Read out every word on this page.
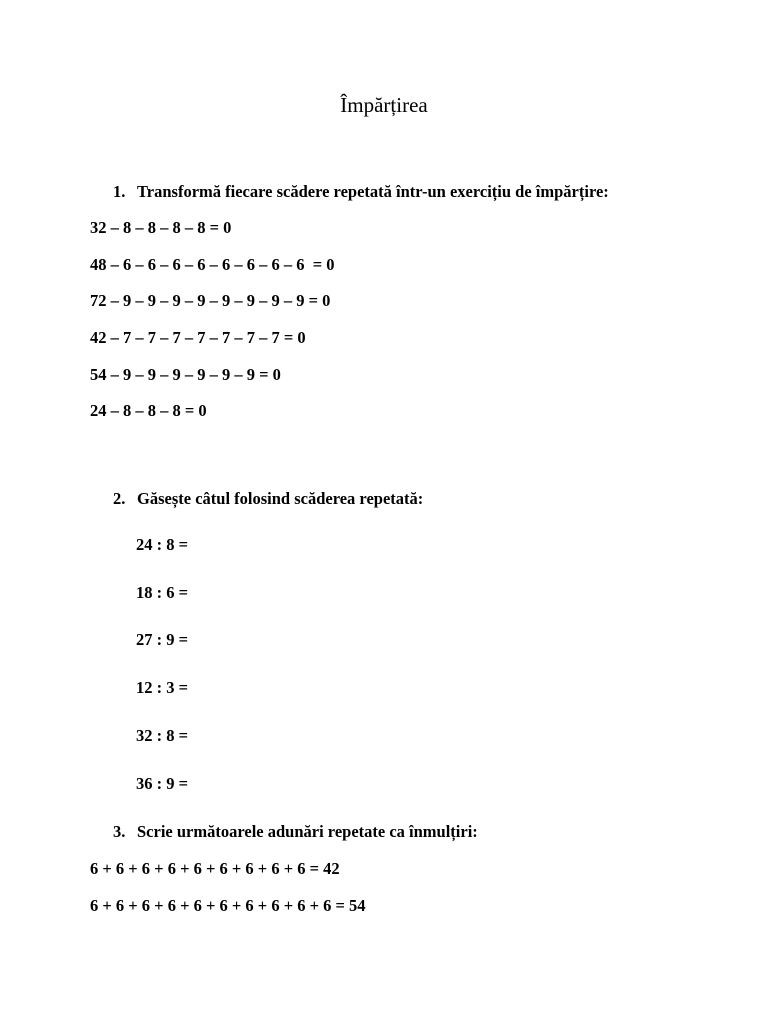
Împărțirea
1. Transformă fiecare scădere repetată într-un exercițiu de împărțire:
32 – 8 – 8 – 8 – 8 = 0
48 – 6 – 6 – 6 – 6 – 6 – 6 – 6 – 6  = 0
72 – 9 – 9 – 9 – 9 – 9 – 9 – 9 – 9 = 0
42 – 7 – 7 – 7 – 7 – 7 – 7 – 7 = 0
54 – 9 – 9 – 9 – 9 – 9 – 9 = 0
24 – 8 – 8 – 8 = 0
2. Găsește câtul folosind scăderea repetată:
24 : 8 =
18 : 6 =
27 : 9 =
12 : 3 =
32 : 8 =
36 : 9 =
3. Scrie următoarele adunări repetate ca înmulțiri:
6 + 6 + 6 + 6 + 6 + 6 + 6 + 6 + 6 = 42
6 + 6 + 6 + 6 + 6 + 6 + 6 + 6 + 6 + 6 = 54
